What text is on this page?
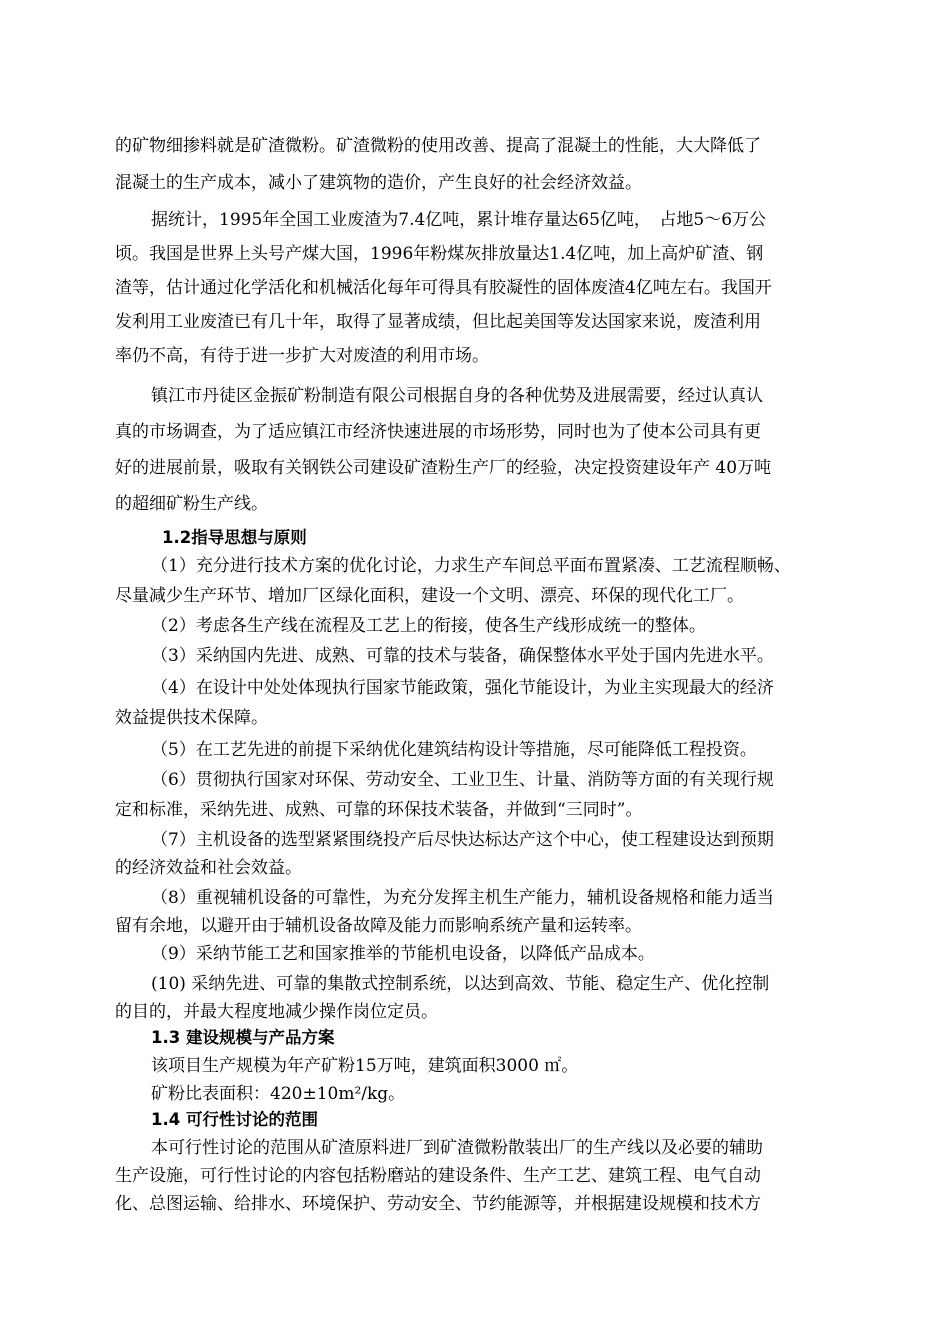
的矿物细掺料就是矿渣微粉。矿渣微粉的使用改善、提高了混凝土的性能，大大降低了
混凝土的生产成本，减小了建筑物的造价，产生良好的社会经济效益。
据统计，1995年全国工业废渣为7.4亿吨，累计堆存量达65亿吨，　占地5～6万公
顷。我国是世界上头号产煤大国，1996年粉煤灰排放量达1.4亿吨，加上高炉矿渣、钢
渣等，估计通过化学活化和机械活化每年可得具有胶凝性的固体废渣4亿吨左右。我国开
发利用工业废渣已有几十年，取得了显著成绩，但比起美国等发达国家来说，废渣利用
率仍不高，有待于进一步扩大对废渣的利用市场。
镇江市丹徒区金振矿粉制造有限公司根据自身的各种优势及进展需要，经过认真认
真的市场调查，为了适应镇江市经济快速进展的市场形势，同时也为了使本公司具有更
好的进展前景，吸取有关钢铁公司建设矿渣粉生产厂的经验，决定投资建设年产 40万吨
的超细矿粉生产线。
1.2指导思想与原则
（1）充分进行技术方案的优化讨论，力求生产车间总平面布置紧凑、工艺流程顺畅、
尽量减少生产环节、增加厂区绿化面积，建设一个文明、漂亮、环保的现代化工厂。
（2）考虑各生产线在流程及工艺上的衔接，使各生产线形成统一的整体。
（3）采纳国内先进、成熟、可靠的技术与装备，确保整体水平处于国内先进水平。
（4）在设计中处处体现执行国家节能政策，强化节能设计，为业主实现最大的经济
效益提供技术保障。
（5）在工艺先进的前提下采纳优化建筑结构设计等措施，尽可能降低工程投资。
（6）贯彻执行国家对环保、劳动安全、工业卫生、计量、消防等方面的有关现行规
定和标准，采纳先进、成熟、可靠的环保技术装备，并做到“三同时”。
（7）主机设备的选型紧紧围绕投产后尽快达标达产这个中心，使工程建设达到预期
的经济效益和社会效益。
（8）重视辅机设备的可靠性，为充分发挥主机生产能力，辅机设备规格和能力适当
留有余地，以避开由于辅机设备故障及能力而影响系统产量和运转率。
（9）采纳节能工艺和国家推举的节能机电设备，以降低产品成本。
(10) 采纳先进、可靠的集散式控制系统，以达到高效、节能、稳定生产、优化控制
的目的，并最大程度地减少操作岗位定员。
1.3 建设规模与产品方案
该项目生产规模为年产矿粉15万吨，建筑面积3000 ㎡。
矿粉比表面积：420±10m²/kg。
1.4 可行性讨论的范围
本可行性讨论的范围从矿渣原料进厂到矿渣微粉散装出厂的生产线以及必要的辅助
生产设施，可行性讨论的内容包括粉磨站的建设条件、生产工艺、建筑工程、电气自动
化、总图运输、给排水、环境保护、劳动安全、节约能源等，并根据建设规模和技术方
